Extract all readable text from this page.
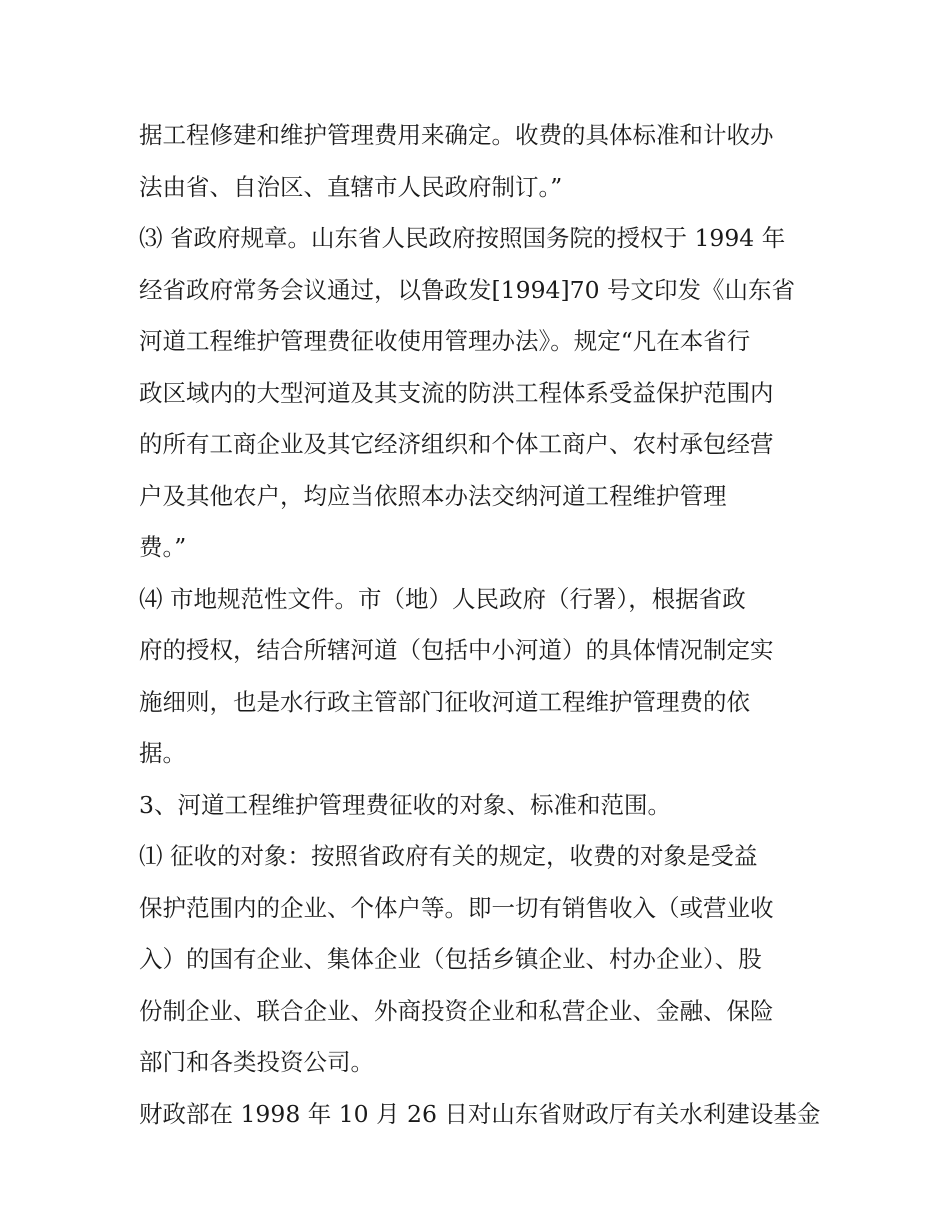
据工程修建和维护管理费用来确定。收费的具体标准和计收办
法由省、自治区、直辖市人民政府制订。”
⑶ 省政府规章。山东省人民政府按照国务院的授权于 1994 年
经省政府常务会议通过，以鲁政发[1994]70 号文印发《山东省
河道工程维护管理费征收使用管理办法》。规定“凡在本省行
政区域内的大型河道及其支流的防洪工程体系受益保护范围内
的所有工商企业及其它经济组织和个体工商户、农村承包经营
户及其他农户，均应当依照本办法交纳河道工程维护管理
费。”
⑷ 市地规范性文件。市（地）人民政府（行署），根据省政
府的授权，结合所辖河道（包括中小河道）的具体情况制定实
施细则，也是水行政主管部门征收河道工程维护管理费的依
据。
3、河道工程维护管理费征收的对象、标准和范围。
⑴ 征收的对象：按照省政府有关的规定，收费的对象是受益
保护范围内的企业、个体户等。即一切有销售收入（或营业收
入）的国有企业、集体企业（包括乡镇企业、村办企业）、股
份制企业、联合企业、外商投资企业和私营企业、金融、保险
部门和各类投资公司。
财政部在 1998 年 10 月 26 日对山东省财政厅有关水利建设基金
